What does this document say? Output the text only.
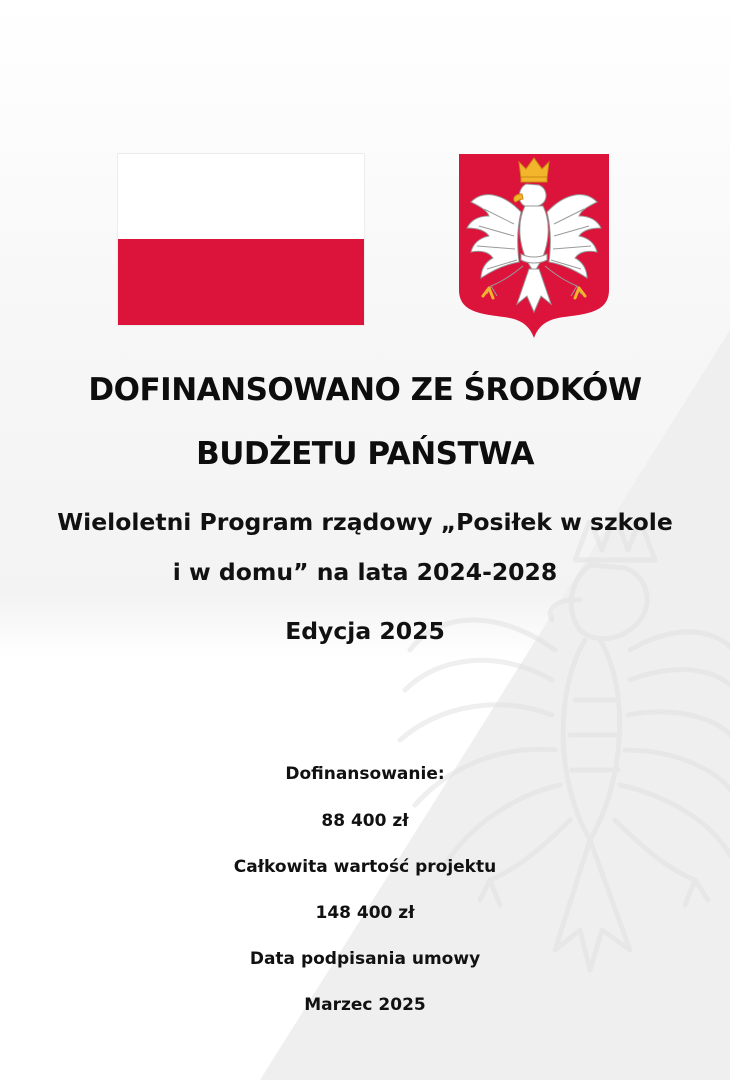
DOFINANSOWANO ZE ŚRODKÓW
BUDŻETU PAŃSTWA
Wieloletni Program rządowy „Posiłek w szkole
i w domu” na lata 2024-2028
Edycja 2025
Dofinansowanie:
88 400 zł
Całkowita wartość projektu
148 400 zł
Data podpisania umowy
Marzec 2025
